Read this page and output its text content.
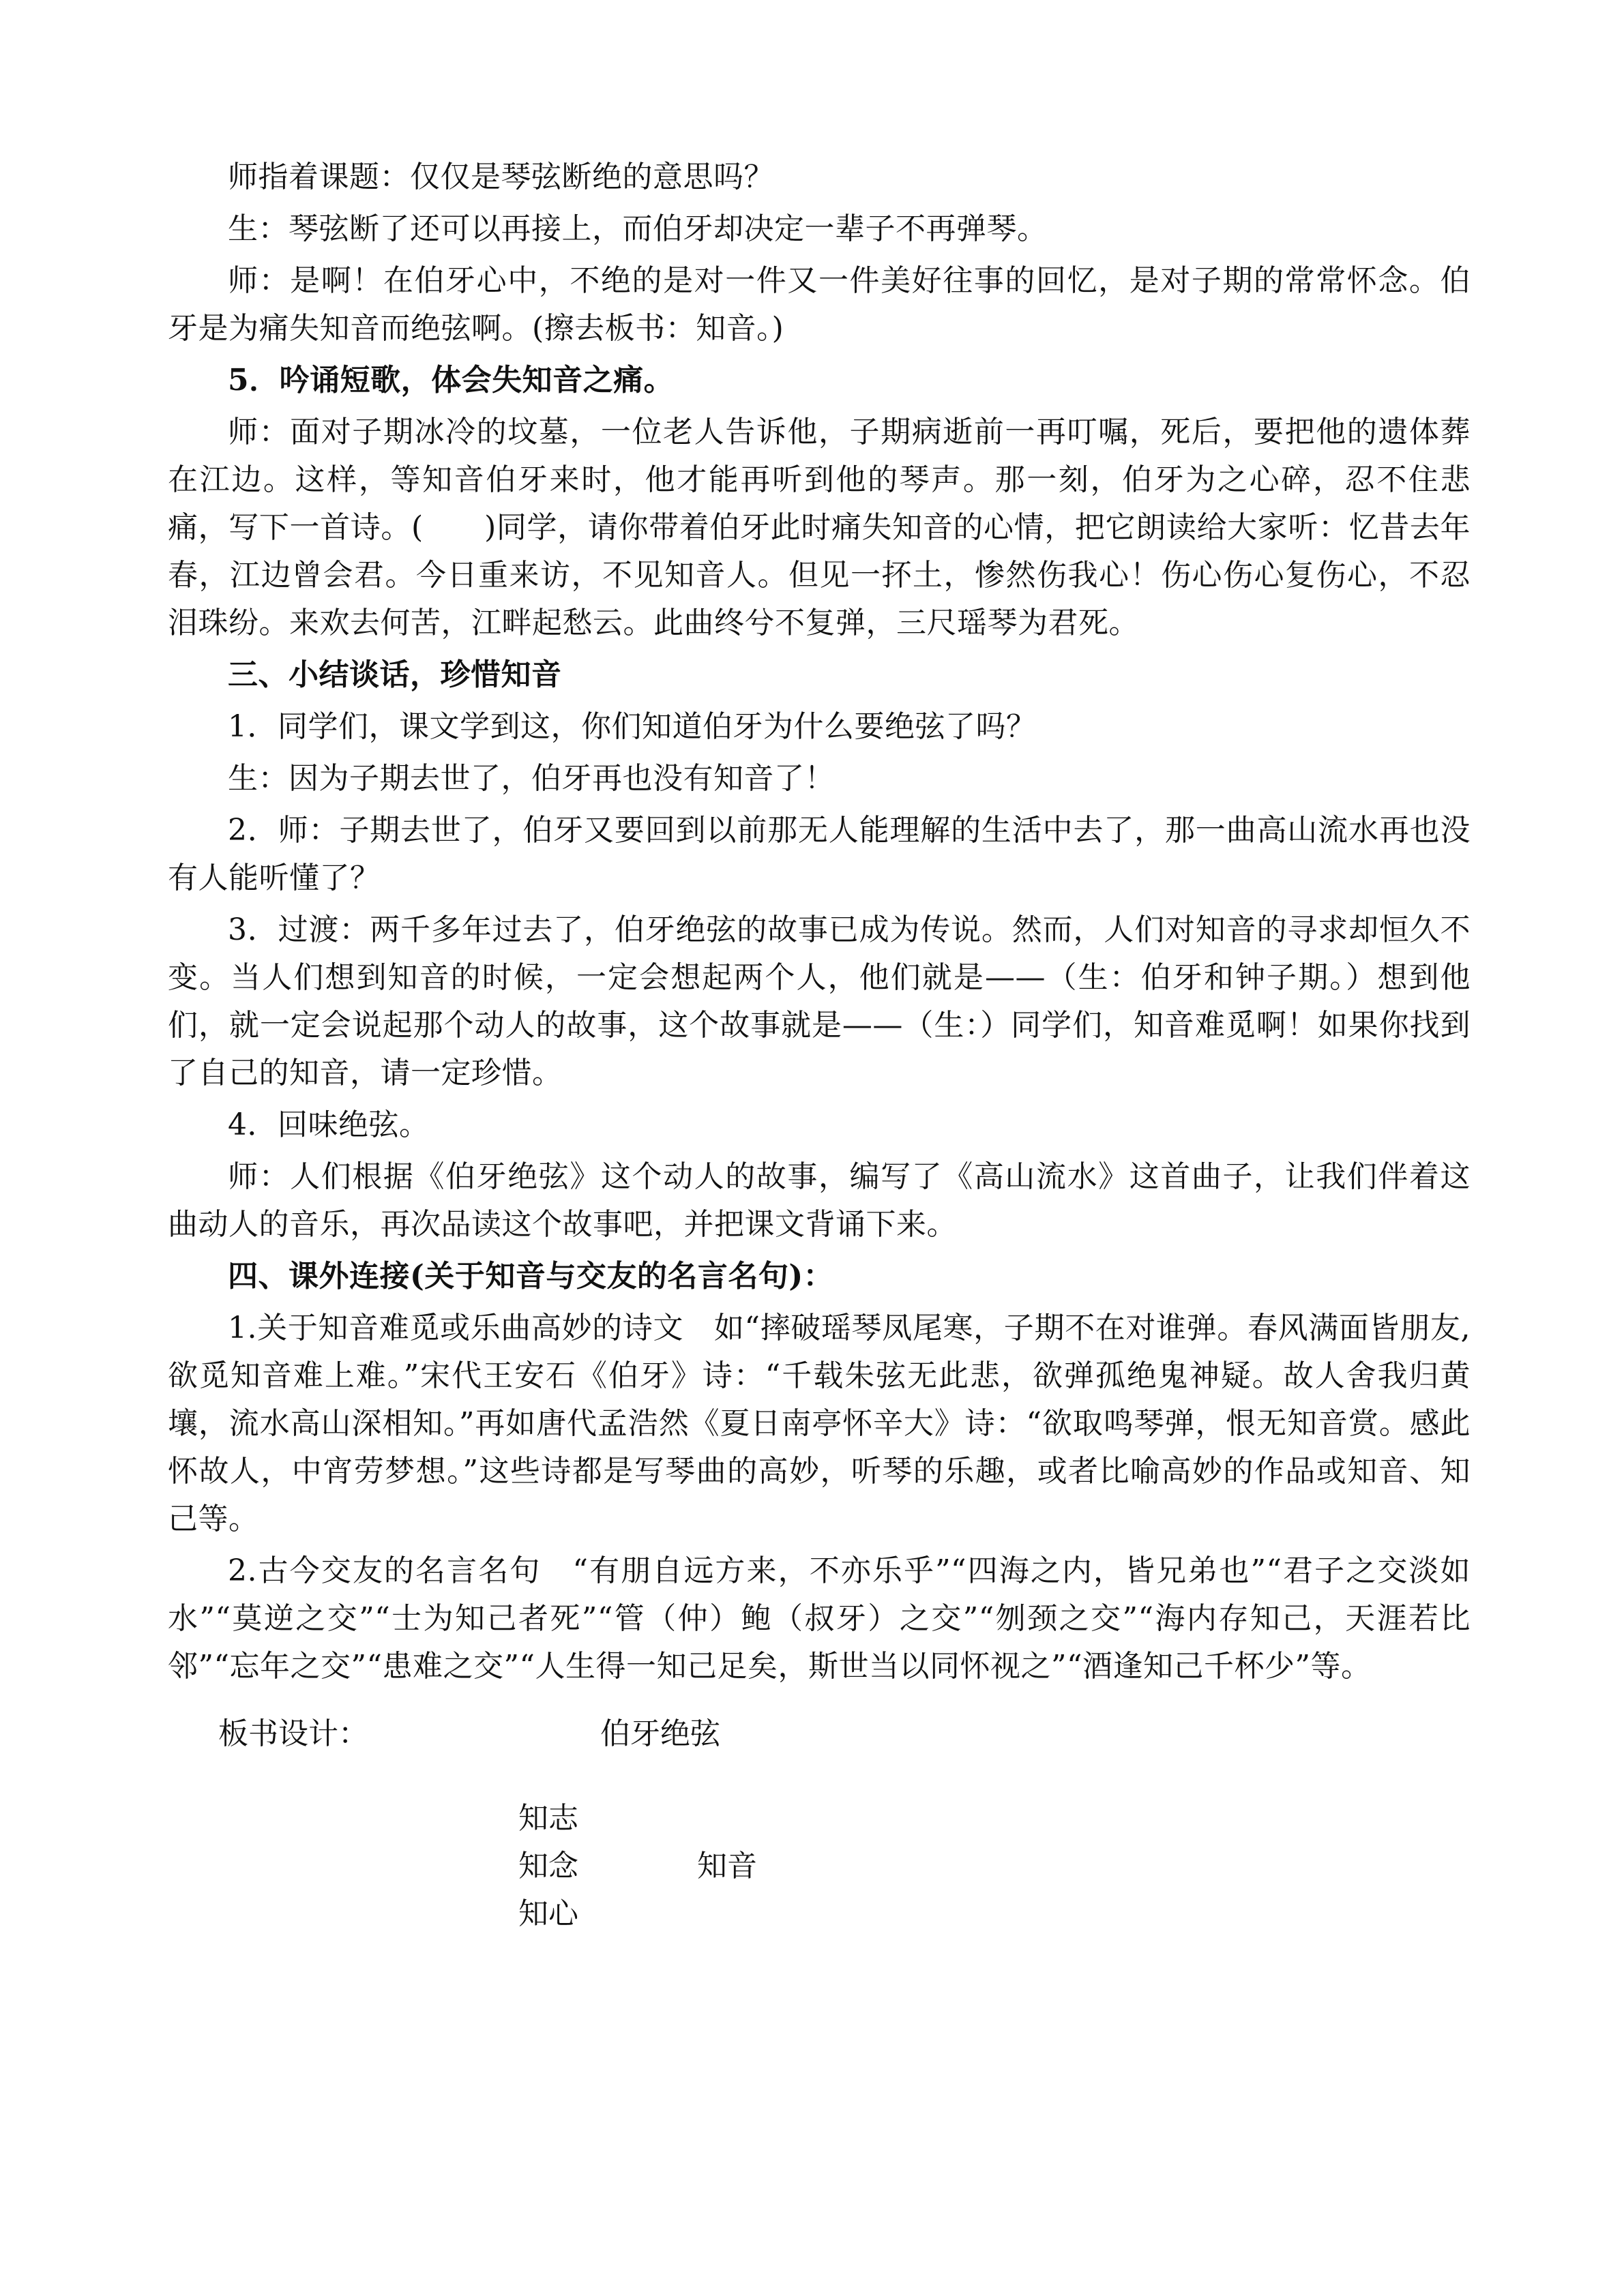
师指着课题：仅仅是琴弦断绝的意思吗？

生：琴弦断了还可以再接上，而伯牙却决定一辈子不再弹琴。

师：是啊！在伯牙心中，不绝的是对一件又一件美好往事的回忆，是对子期的常常怀念。伯牙是为痛失知音而绝弦啊。(擦去板书：知音。)

5．吟诵短歌，体会失知音之痛。

师：面对子期冰冷的坟墓，一位老人告诉他，子期病逝前一再叮嘱，死后，要把他的遗体葬在江边。这样，等知音伯牙来时，他才能再听到他的琴声。那一刻，伯牙为之心碎，忍不住悲痛，写下一首诗。(　　)同学，请你带着伯牙此时痛失知音的心情，把它朗读给大家听：忆昔去年春，江边曾会君。今日重来访，不见知音人。但见一抔土，惨然伤我心！伤心伤心复伤心，不忍泪珠纷。来欢去何苦，江畔起愁云。此曲终兮不复弹，三尺瑶琴为君死。

三、小结谈话，珍惜知音

1．同学们，课文学到这，你们知道伯牙为什么要绝弦了吗？

生：因为子期去世了，伯牙再也没有知音了！

2．师：子期去世了，伯牙又要回到以前那无人能理解的生活中去了，那一曲高山流水再也没有人能听懂了？

3．过渡：两千多年过去了，伯牙绝弦的故事已成为传说。然而，人们对知音的寻求却恒久不变。当人们想到知音的时候，一定会想起两个人，他们就是——（生：伯牙和钟子期。）想到他们，就一定会说起那个动人的故事，这个故事就是——（生：）同学们，知音难觅啊！如果你找到了自己的知音，请一定珍惜。

4．回味绝弦。

师：人们根据《伯牙绝弦》这个动人的故事，编写了《高山流水》这首曲子，让我们伴着这曲动人的音乐，再次品读这个故事吧，并把课文背诵下来。

四、课外连接(关于知音与交友的名言名句)：

1.关于知音难觅或乐曲高妙的诗文　如“摔破瑶琴凤尾寒，子期不在对谁弹。春风满面皆朋友,欲觅知音难上难。”宋代王安石《伯牙》诗：“千载朱弦无此悲，欲弹孤绝鬼神疑。故人舍我归黄壤，流水高山深相知。”再如唐代孟浩然《夏日南亭怀辛大》诗：“欲取鸣琴弹，恨无知音赏。感此怀故人，中宵劳梦想。”这些诗都是写琴曲的高妙，听琴的乐趣，或者比喻高妙的作品或知音、知己等。

2.古今交友的名言名句　“有朋自远方来，不亦乐乎”“四海之内，皆兄弟也”“君子之交淡如水”“莫逆之交”“士为知己者死”“管（仲）鲍（叔牙）之交”“刎颈之交”“海内存知己，天涯若比邻”“忘年之交”“患难之交”“人生得一知己足矣，斯世当以同怀视之”“酒逢知己千杯少”等。

板书设计：	伯牙绝弦
知志
知念
知心
知音
